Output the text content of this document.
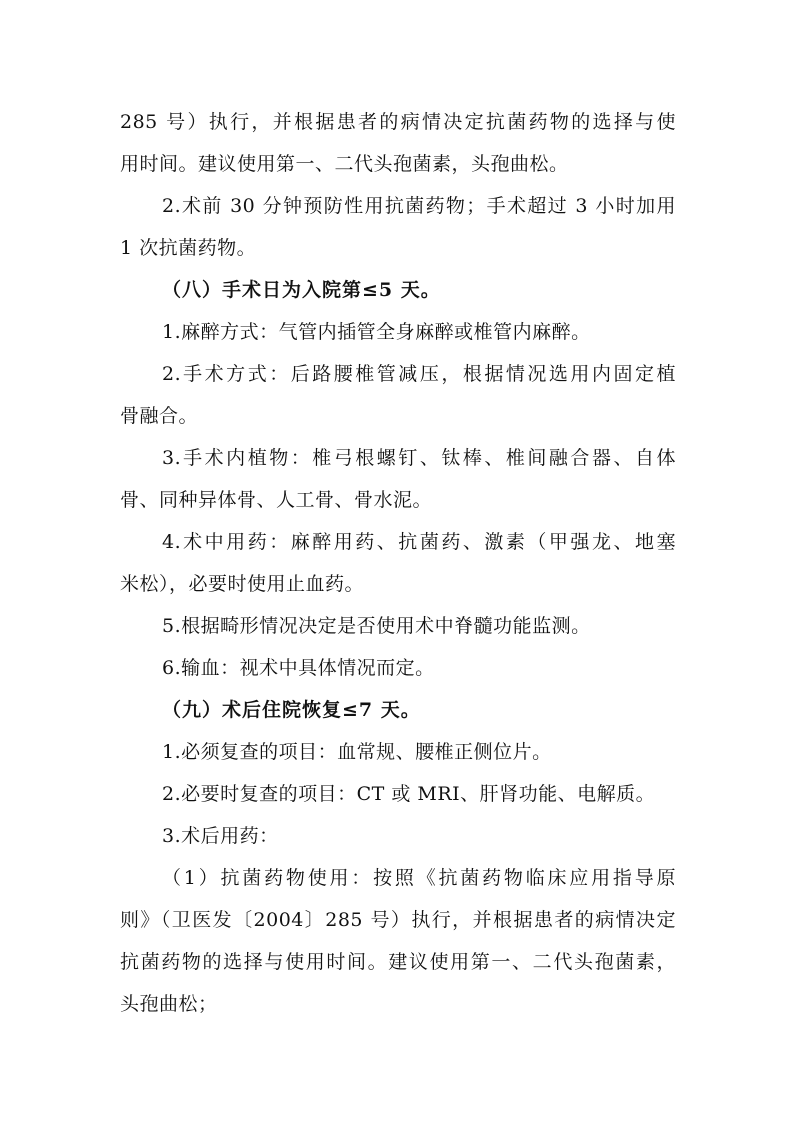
285 号）执行，并根据患者的病情决定抗菌药物的选择与使
用时间。建议使用第一、二代头孢菌素，头孢曲松。
2.术前 30 分钟预防性用抗菌药物；手术超过 3 小时加用
1 次抗菌药物。
（八）手术日为入院第≤5 天。
1.麻醉方式：气管内插管全身麻醉或椎管内麻醉。
2.手术方式：后路腰椎管减压，根据情况选用内固定植
骨融合。
3.手术内植物：椎弓根螺钉、钛棒、椎间融合器、自体
骨、同种异体骨、人工骨、骨水泥。
4.术中用药：麻醉用药、抗菌药、激素（甲强龙、地塞
米松），必要时使用止血药。
5.根据畸形情况决定是否使用术中脊髓功能监测。
6.输血：视术中具体情况而定。
（九）术后住院恢复≤7 天。
1.必须复查的项目：血常规、腰椎正侧位片。
2.必要时复查的项目：CT 或 MRI、肝肾功能、电解质。
3.术后用药：
（1）抗菌药物使用：按照《抗菌药物临床应用指导原
则》（卫医发〔2004〕285 号）执行，并根据患者的病情决定
抗菌药物的选择与使用时间。建议使用第一、二代头孢菌素，
头孢曲松；
